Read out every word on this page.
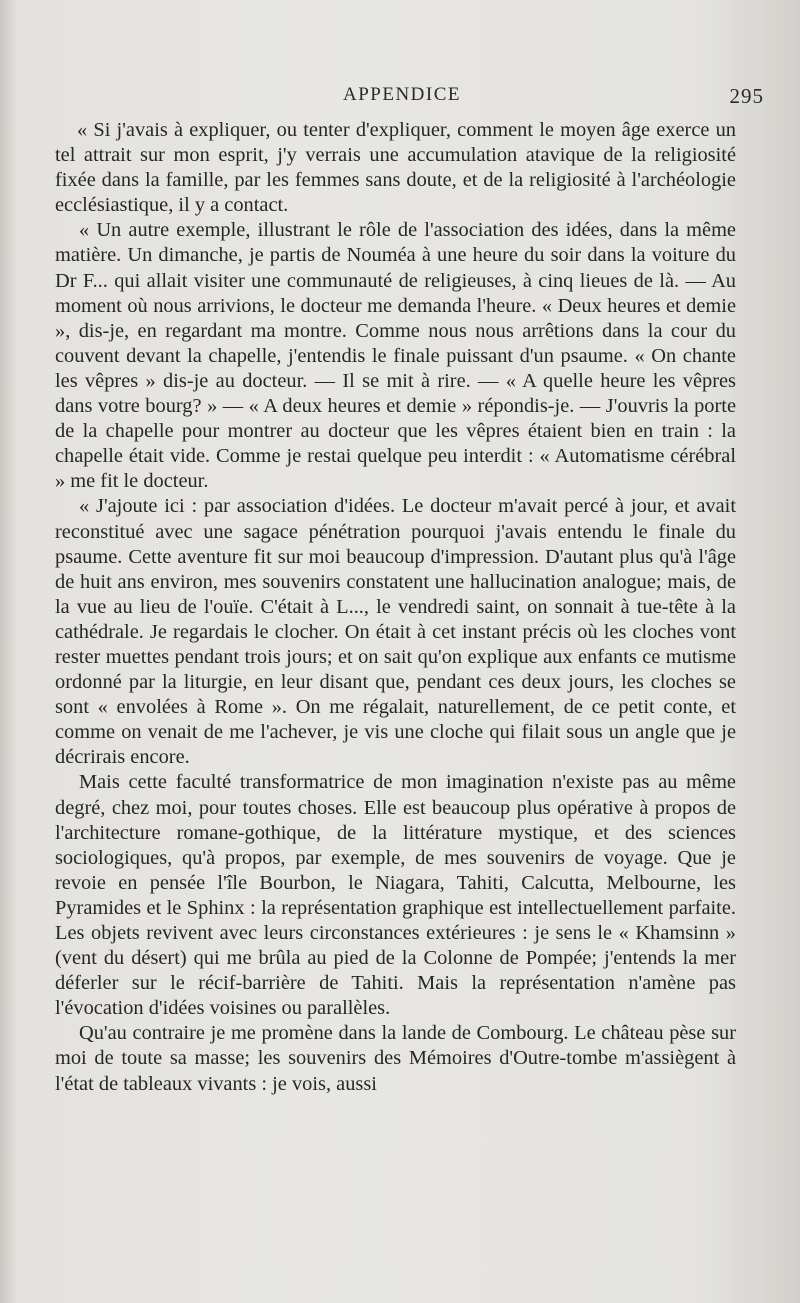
APPENDICE	295

« Si j'avais à expliquer, ou tenter d'expliquer, comment le moyen âge exerce un tel attrait sur mon esprit, j'y verrais une accumulation atavique de la religiosité fixée dans la famille, par les femmes sans doute, et de la religiosité à l'archéologie ecclésiastique, il y a contact.

« Un autre exemple, illustrant le rôle de l'association des idées, dans la même matière. Un dimanche, je partis de Nouméa à une heure du soir dans la voiture du Dr F... qui allait visiter une communauté de religieuses, à cinq lieues de là. — Au moment où nous arrivions, le docteur me demanda l'heure. « Deux heures et demie », dis-je, en regardant ma montre. Comme nous nous arrêtions dans la cour du couvent devant la chapelle, j'entendis le finale puissant d'un psaume. « On chante les vêpres » dis-je au docteur. — Il se mit à rire. — « A quelle heure les vêpres dans votre bourg? » — « A deux heures et demie » répondis-je. — J'ouvris la porte de la chapelle pour montrer au docteur que les vêpres étaient bien en train : la chapelle était vide. Comme je restai quelque peu interdit : « Automatisme cérébral » me fit le docteur.

« J'ajoute ici : par association d'idées. Le docteur m'avait percé à jour, et avait reconstitué avec une sagace pénétration pourquoi j'avais entendu le finale du psaume. Cette aventure fit sur moi beaucoup d'impression. D'autant plus qu'à l'âge de huit ans environ, mes souvenirs constatent une hallucination analogue; mais, de la vue au lieu de l'ouïe. C'était à L..., le vendredi saint, on sonnait à tue-tête à la cathédrale. Je regardais le clocher. On était à cet instant précis où les cloches vont rester muettes pendant trois jours; et on sait qu'on explique aux enfants ce mutisme ordonné par la liturgie, en leur disant que, pendant ces deux jours, les cloches se sont « envolées à Rome ». On me régalait, naturellement, de ce petit conte, et comme on venait de me l'achever, je vis une cloche qui filait sous un angle que je décrirais encore.

Mais cette faculté transformatrice de mon imagination n'existe pas au même degré, chez moi, pour toutes choses. Elle est beaucoup plus opérative à propos de l'architecture romane-gothique, de la littérature mystique, et des sciences sociologiques, qu'à propos, par exemple, de mes souvenirs de voyage. Que je revoie en pensée l'île Bourbon, le Niagara, Tahiti, Calcutta, Melbourne, les Pyramides et le Sphinx : la représentation graphique est intellectuellement parfaite. Les objets revivent avec leurs circonstances extérieures : je sens le « Khamsinn » (vent du désert) qui me brûla au pied de la Colonne de Pompée; j'entends la mer déferler sur le récif-barrière de Tahiti. Mais la représentation n'amène pas l'évocation d'idées voisines ou parallèles.

Qu'au contraire je me promène dans la lande de Combourg. Le château pèse sur moi de toute sa masse; les souvenirs des Mémoires d'Outre-tombe m'assiègent à l'état de tableaux vivants : je vois, aussi
